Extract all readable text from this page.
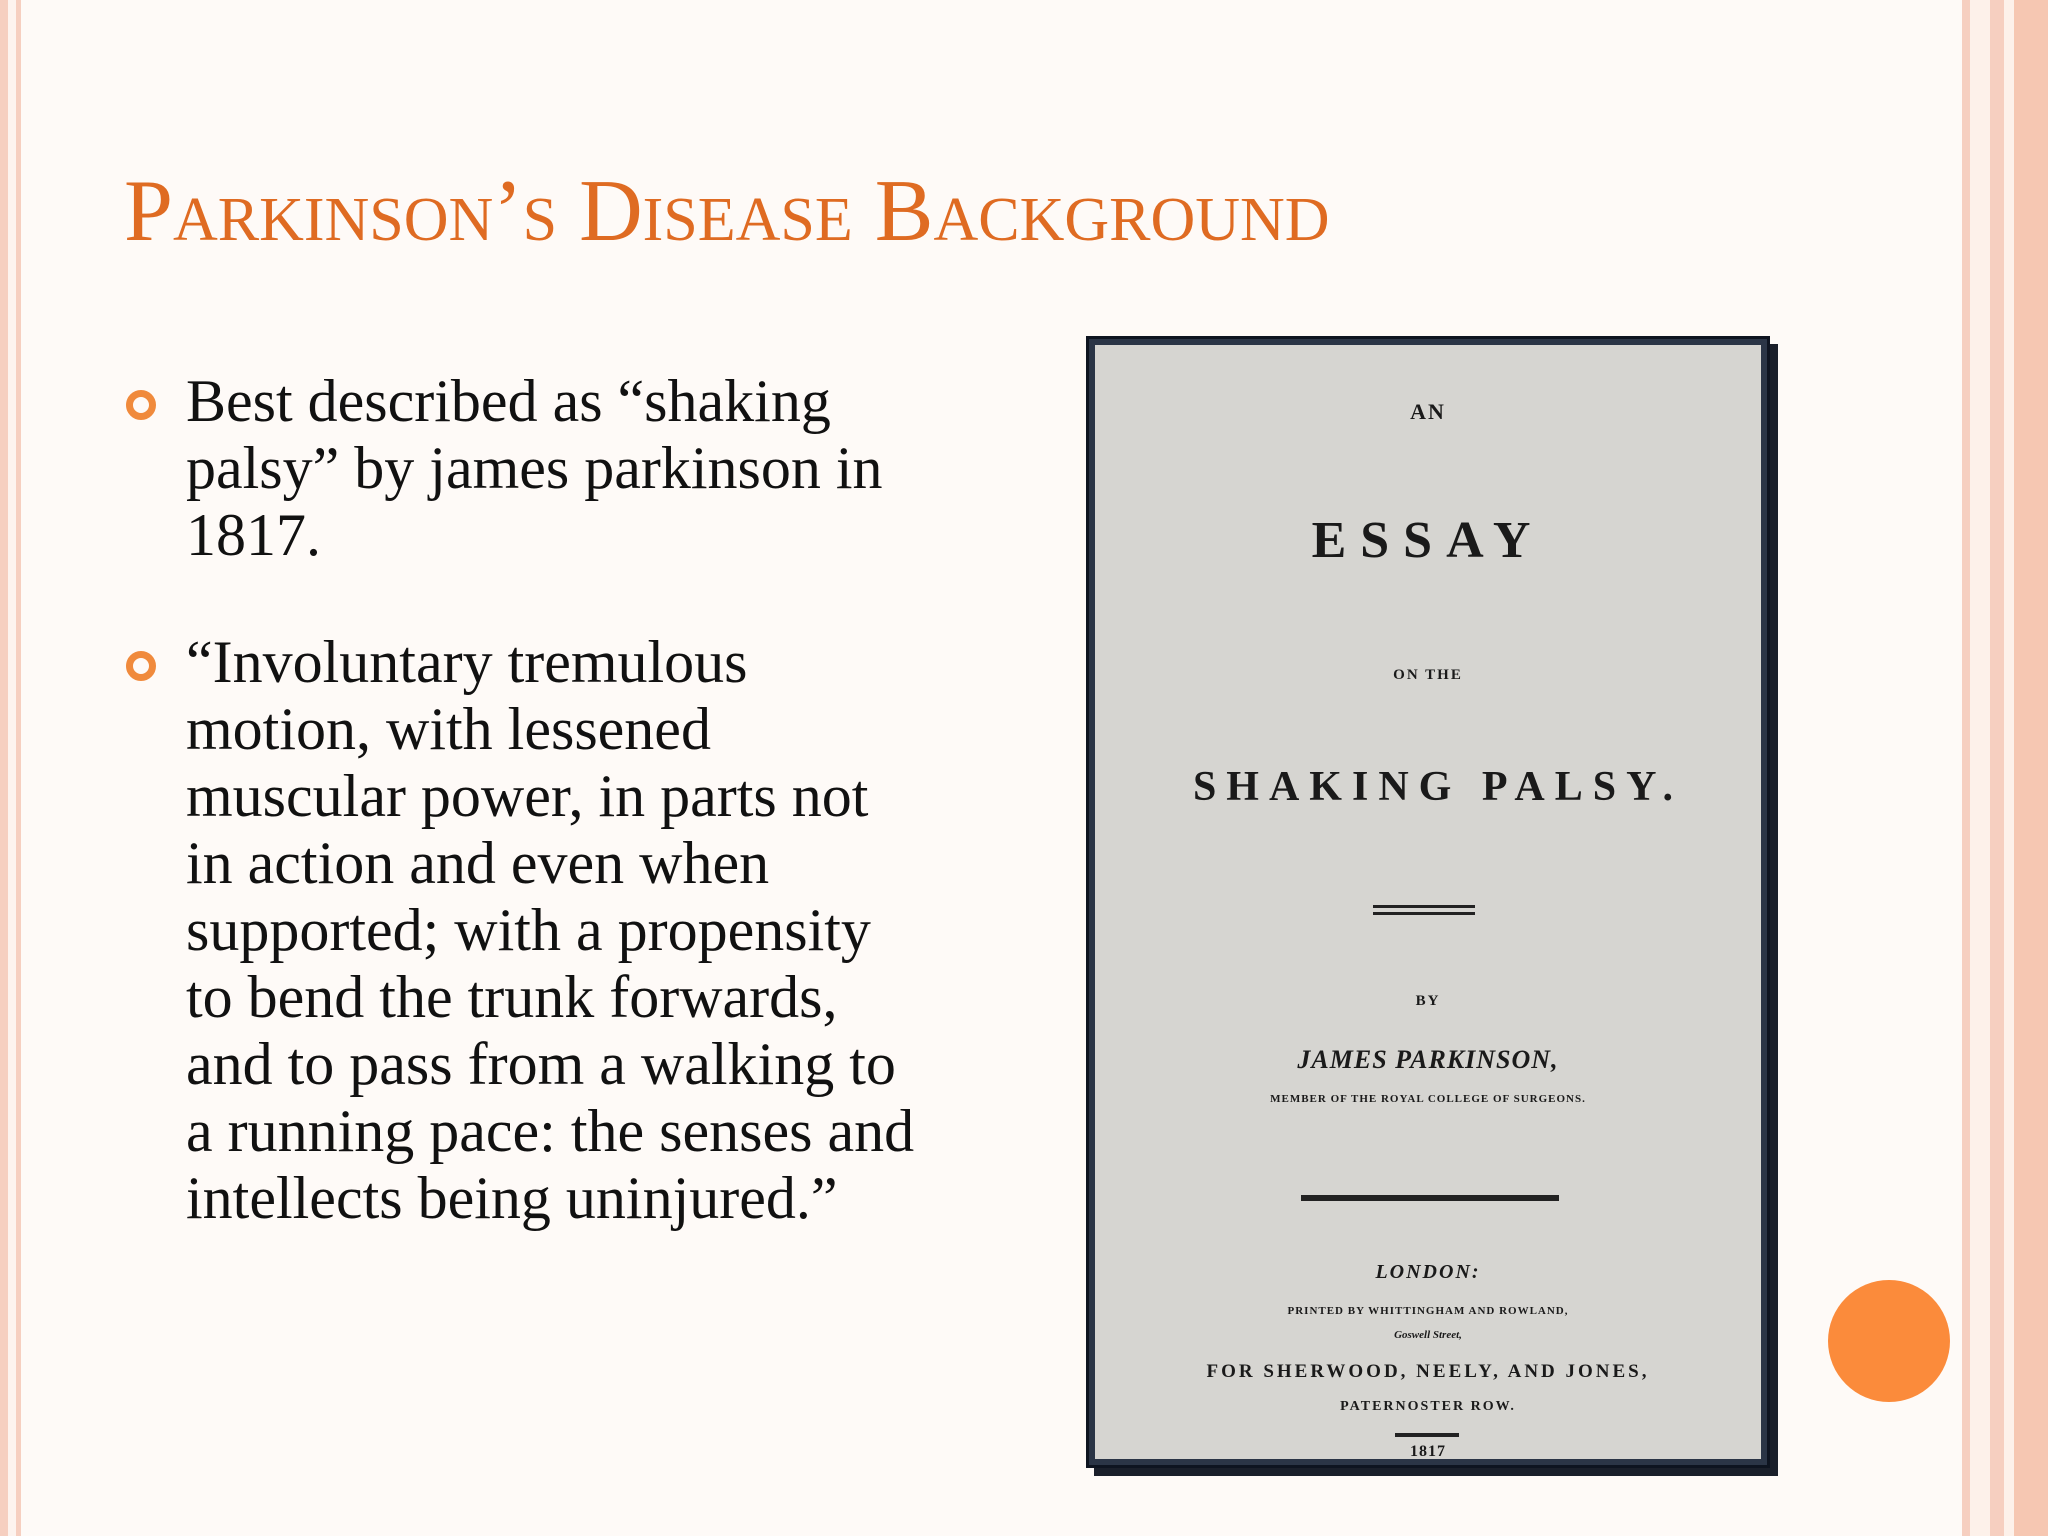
Parkinson’s Disease Background
Best described as “shaking palsy” by james parkinson in 1817.
“Involuntary tremulous motion, with lessened muscular power, in parts not in action and even when supported; with a propensity to bend the trunk forwards, and to pass from a walking to a running pace: the senses and intellects being uninjured.”

AN

ESSAY

ON THE

SHAKING PALSY.

BY

JAMES PARKINSON,

MEMBER OF THE ROYAL COLLEGE OF SURGEONS.

LONDON:

PRINTED BY WHITTINGHAM AND ROWLAND,

Goswell Street,

FOR SHERWOOD, NEELY, AND JONES,

PATERNOSTER ROW.

1817
